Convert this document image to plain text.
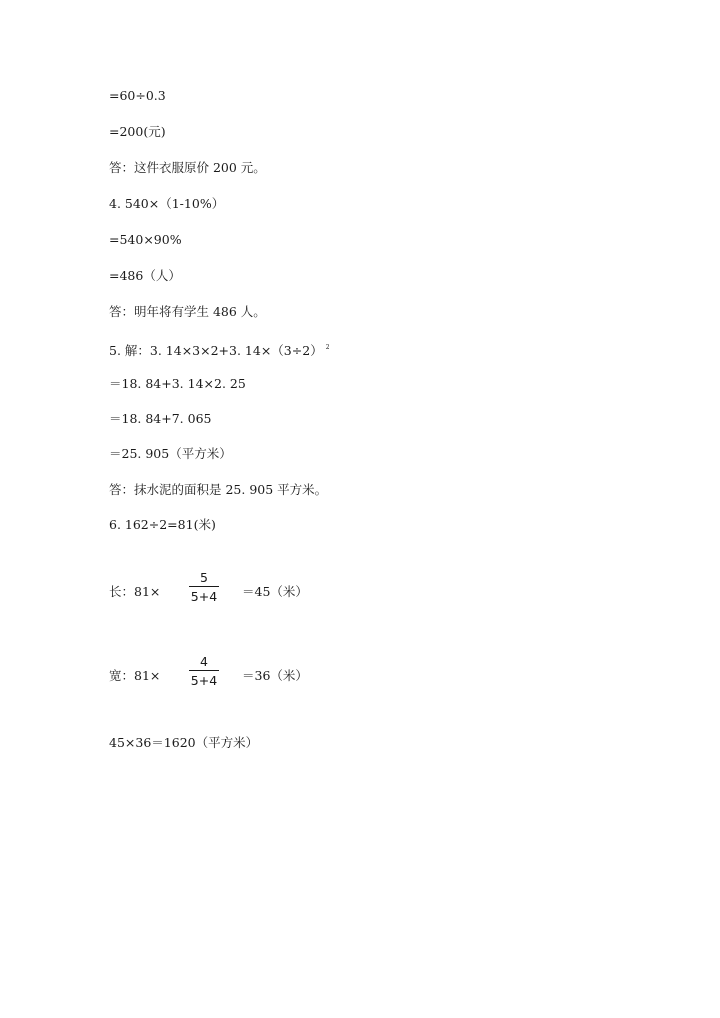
=60÷0.3
=200(元)
答：这件衣服原价 200 元。
4. 540×（1-10%）
=540×90%
=486（人）
答：明年将有学生 486 人。
5. 解：3. 14×3×2+3. 14×（3÷2） $^2$
＝18. 84+3. 14×2. 25
＝18. 84+7. 065
＝25. 905（平方米）
答：抹水泥的面积是 25. 905 平方米。
6. 162÷2=81(米)
长：81×
5
5+4 ＝45（米）
宽：81×
4
5+4 ＝36（米）
45×36＝1620（平方米）
